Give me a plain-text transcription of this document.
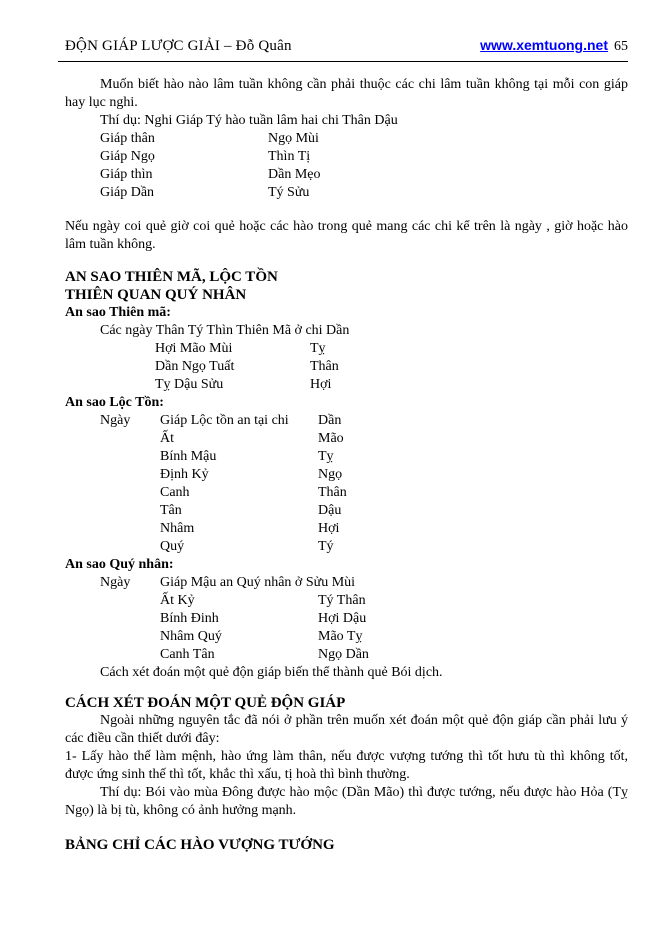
ĐỘN GIÁP LƯỢC GIẢI – Đỗ Quân	www.xemtuong.net 65

Muốn biết hào nào lâm tuần không cần phải thuộc các chi lâm tuần không tại mỗi con giáp hay lục nghi.

Thí dụ: Nghi Giáp Tý hào tuần lâm hai chi Thân Dậu

Giáp thân	Ngọ Mùi
Giáp Ngọ	Thìn Tị
Giáp thìn	Dần Mẹo
Giáp Dần	Tý Sửu

Nếu ngày coi quẻ giờ coi quẻ hoặc các hào trong quẻ mang các chi kể trên là ngày , giờ hoặc hào lâm tuần không.

AN SAO THIÊN MÃ, LỘC TỒN
THIÊN QUAN QUÝ NHÂN
An sao Thiên mã:

Các ngày Thân Tý Thìn Thiên Mã ở chi Dần

Hợi Mão Mùi	Tỵ
Dần Ngọ Tuất	Thân
Tỵ Dậu Sửu	Hợi
An sao Lộc Tồn:
Ngày	Giáp Lộc tồn an tại chi	Dần
Ất	Mão
Bính Mậu	Tỵ
Định Kỷ	Ngọ
Canh	Thân
Tân	Dậu
Nhâm	Hợi
Quý	Tý
An sao Quý nhân:
Ngày	Giáp Mậu an Quý nhân ở Sửu Mùi
Ất Kỷ	Tý Thân
Bính Đinh	Hợi Dậu
Nhâm Quý	Mão Tỵ
Canh Tân	Ngọ Dần

Cách xét đoán một quẻ độn giáp biến thể thành quẻ Bói dịch.

CÁCH XÉT ĐOÁN MỘT QUẺ ĐỘN GIÁP

Ngoài những nguyên tắc đã nói ở phần trên muốn xét đoán một quẻ độn giáp cần phải lưu ý các điều cần thiết dưới đây:

1- Lấy hào thế làm mệnh, hào ứng làm thân, nếu được vượng tướng thì tốt hưu tù thì không tốt, được ứng sinh thế thì tốt, khắc thì xấu, tị hoà thì bình thường.

Thí dụ: Bói vào mùa Đông được hào mộc (Dần Mão) thì được tướng, nếu được hào Hỏa (Tỵ Ngọ) là bị tù, không có ảnh hưởng mạnh.

BẢNG CHỈ CÁC HÀO VƯỢNG TƯỚNG
